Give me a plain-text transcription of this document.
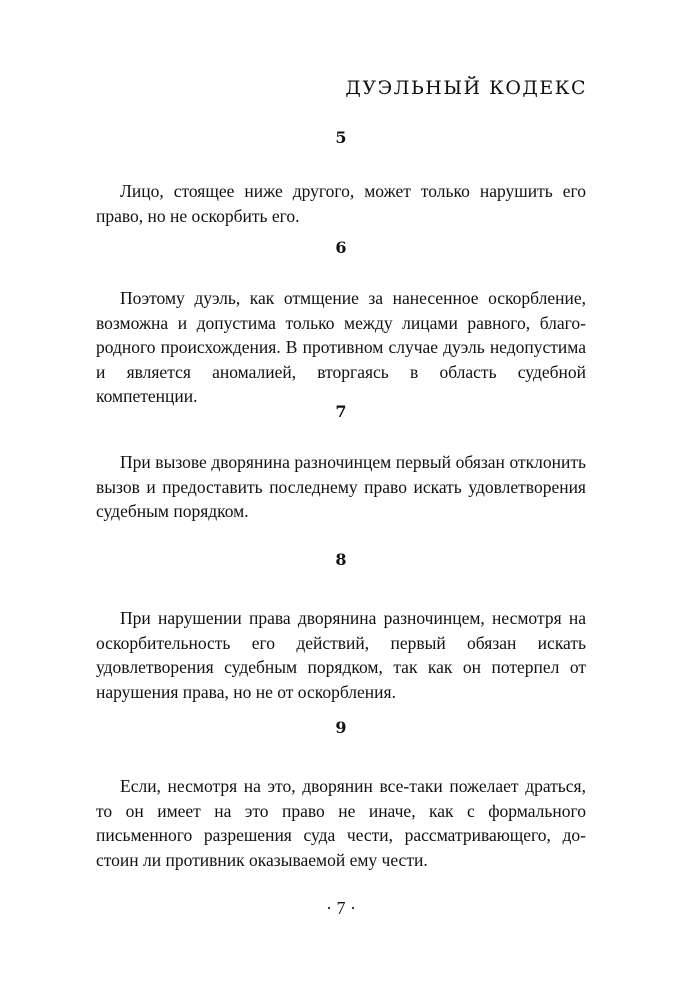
ДУЭЛЬНЫЙ КОДЕКС

5

Лицо, стоящее ниже другого, может только нарушить его право, но не оскорбить его.

6

Поэтому дуэль, как отмщение за нанесенное оскорбление, возможна и допустима только между лицами равного, благородного происхождения. В противном случае дуэль недопустима и является аномалией, вторгаясь в область судебной компетенции.

7

При вызове дворянина разночинцем первый обязан отклонить вызов и предоставить последнему право искать удовлетворения судебным порядком.

8

При нарушении права дворянина разночинцем, несмотря на оскорбительность его действий, первый обязан искать удовлетворения судебным порядком, так как он потерпел от нарушения права, но не от оскорбления.

9

Если, несмотря на это, дворянин все-таки пожелает драться, то он имеет на это право не иначе, как с формального письменного разрешения суда чести, рассматривающего, достоин ли противник оказываемой ему чести.

· 7 ·
